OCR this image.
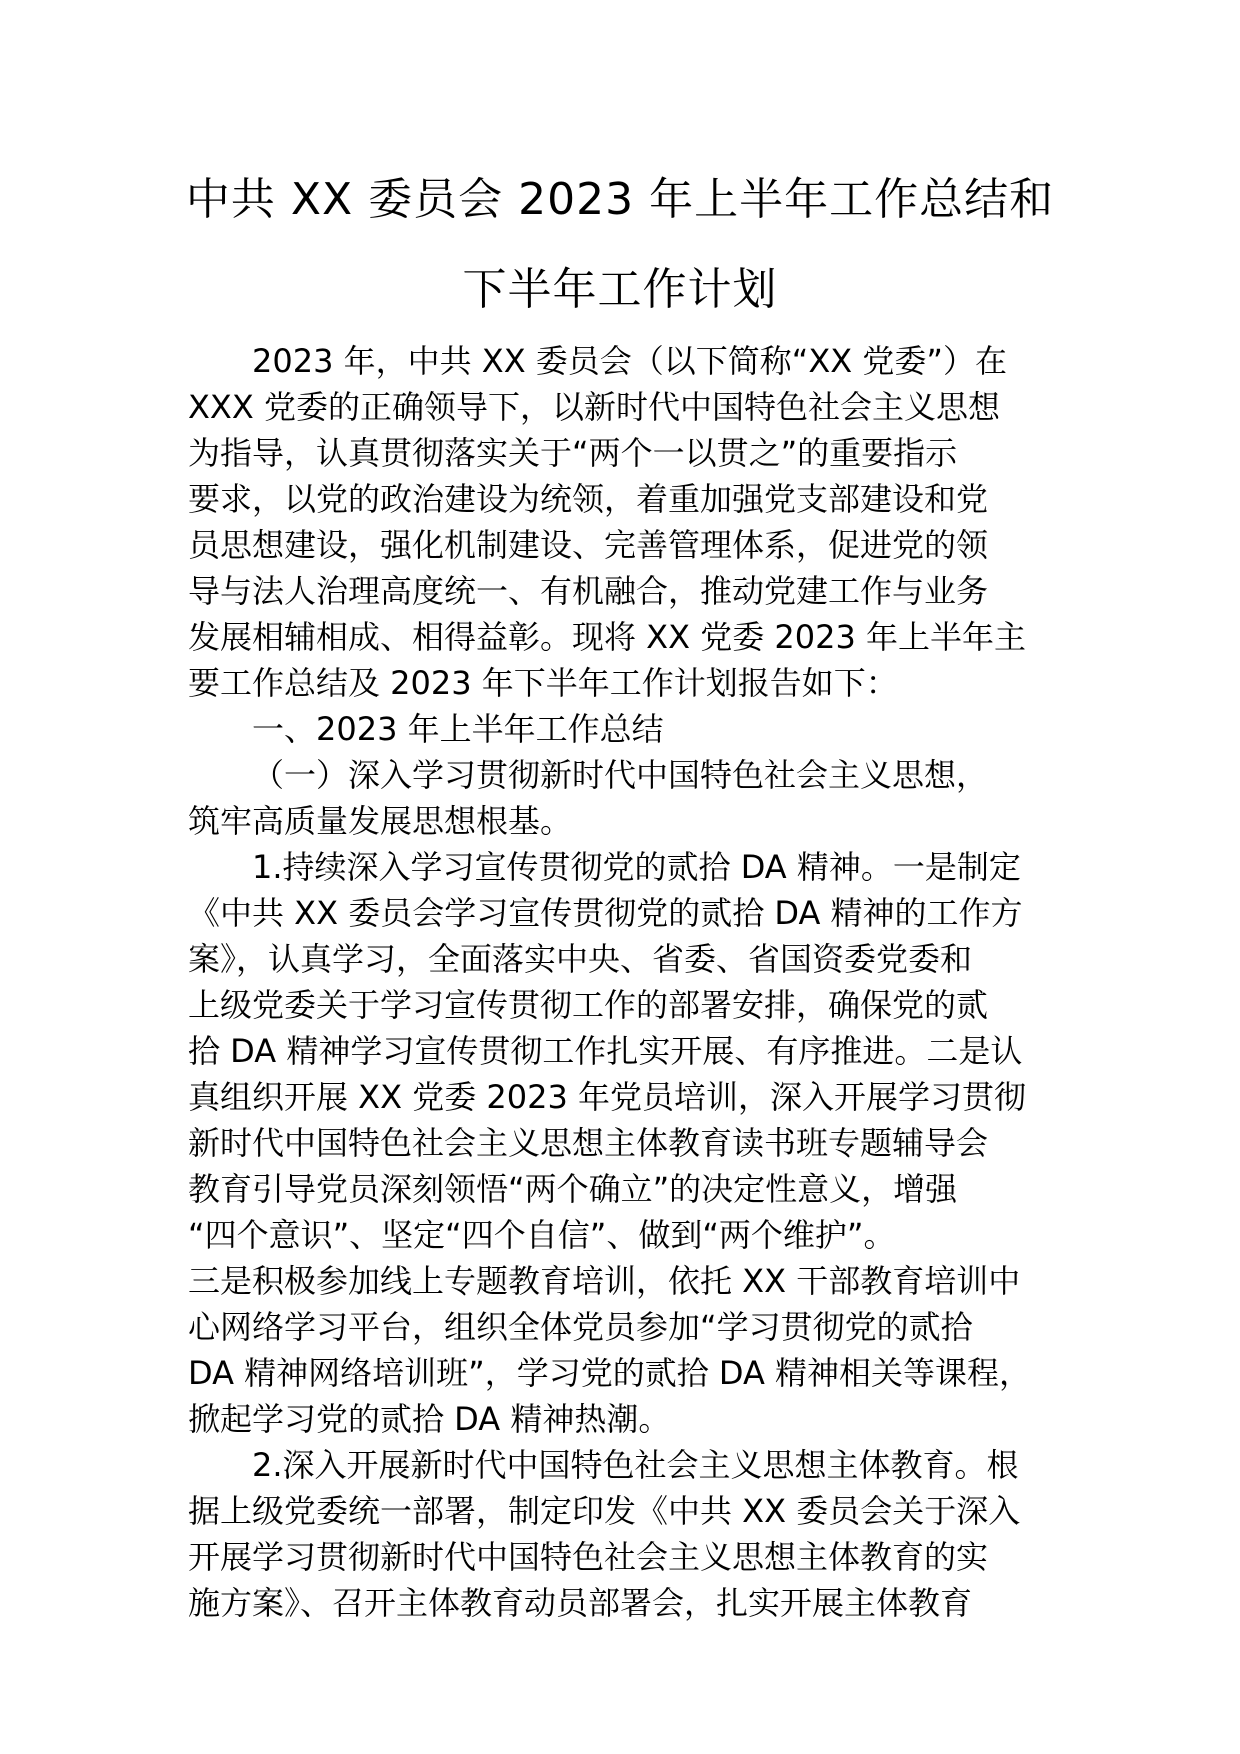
中共 XX 委员会 2023 年上半年工作总结和
下半年工作计划
2023 年，中共 XX 委员会（以下简称“XX 党委”）在
XXX 党委的正确领导下，以新时代中国特色社会主义思想
为指导，认真贯彻落实关于“两个一以贯之”的重要指示
要求，以党的政治建设为统领，着重加强党支部建设和党
员思想建设，强化机制建设、完善管理体系，促进党的领
导与法人治理高度统一、有机融合，推动党建工作与业务
发展相辅相成、相得益彰。现将 XX 党委 2023 年上半年主
要工作总结及 2023 年下半年工作计划报告如下：
一、2023 年上半年工作总结
（一）深入学习贯彻新时代中国特色社会主义思想，
筑牢高质量发展思想根基。
1.持续深入学习宣传贯彻党的贰拾 DA 精神。一是制定
《中共 XX 委员会学习宣传贯彻党的贰拾 DA 精神的工作方
案》，认真学习，全面落实中央、省委、省国资委党委和
上级党委关于学习宣传贯彻工作的部署安排，确保党的贰
拾 DA 精神学习宣传贯彻工作扎实开展、有序推进。二是认
真组织开展 XX 党委 2023 年党员培训，深入开展学习贯彻
新时代中国特色社会主义思想主体教育读书班专题辅导会
教育引导党员深刻领悟“两个确立”的决定性意义，增强
“四个意识”、坚定“四个自信”、做到“两个维护”。
三是积极参加线上专题教育培训，依托 XX 干部教育培训中
心网络学习平台，组织全体党员参加“学习贯彻党的贰拾
DA 精神网络培训班”，学习党的贰拾 DA 精神相关等课程，
掀起学习党的贰拾 DA 精神热潮。
2.深入开展新时代中国特色社会主义思想主体教育。根
据上级党委统一部署，制定印发《中共 XX 委员会关于深入
开展学习贯彻新时代中国特色社会主义思想主体教育的实
施方案》、召开主体教育动员部署会，扎实开展主体教育
